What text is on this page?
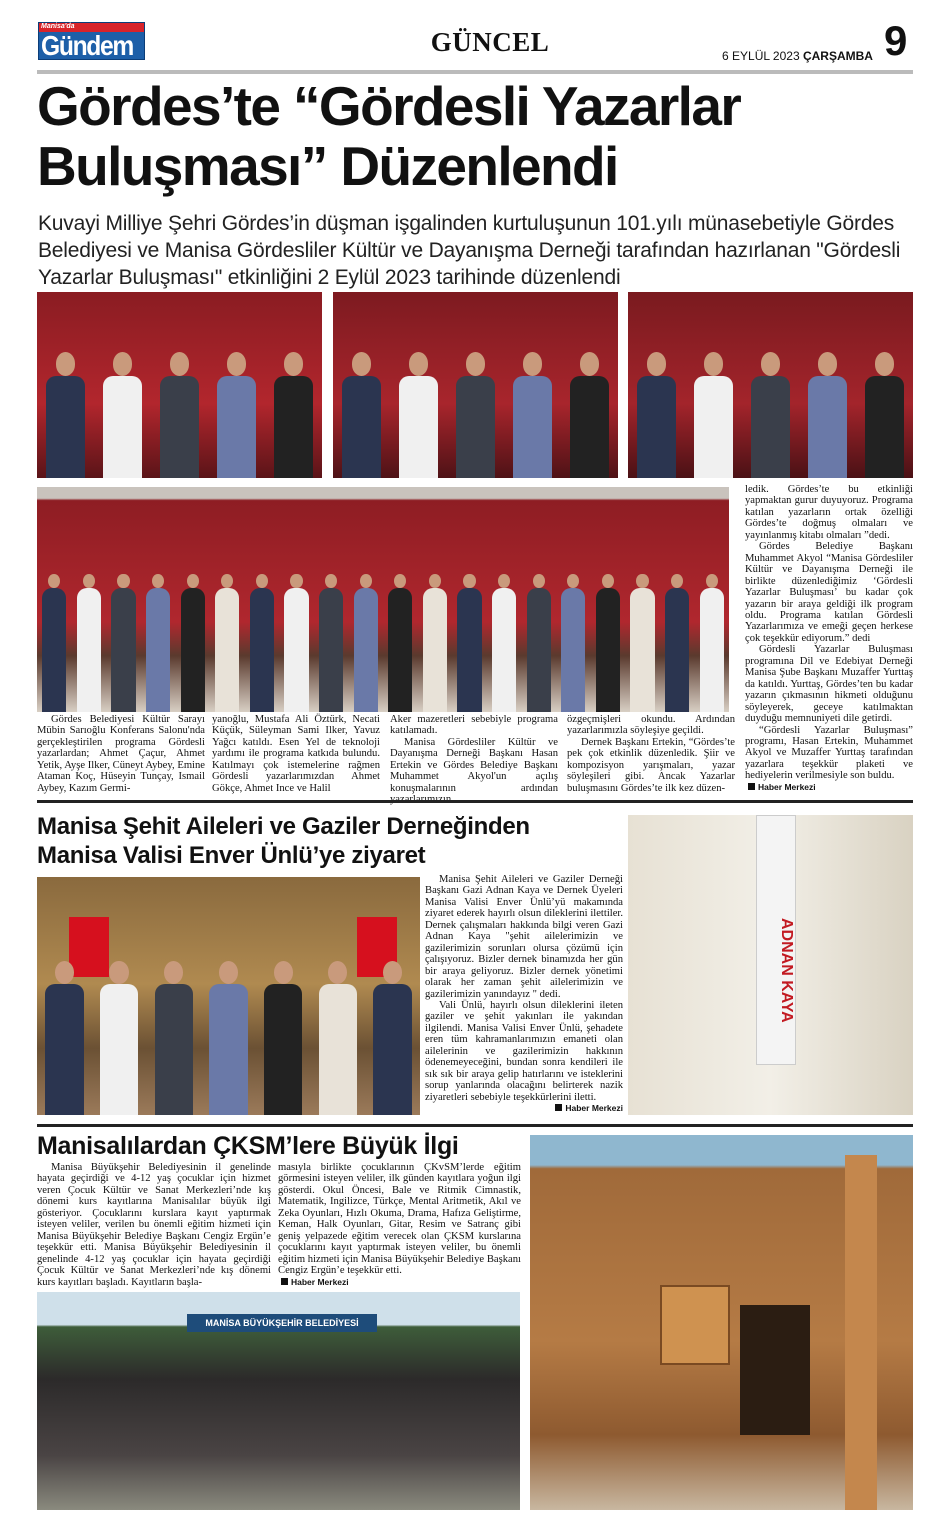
Manisa'da
Gündem	GÜNCEL	6 EYLÜL 2023 ÇARŞAMBA 9
Gördes’te “Gördesli Yazarlar
Buluşması” Düzenlendi
Kuvayi Milliye Şehri Gördes’in düşman işgalinden kurtuluşunun 101.yılı münasebetiyle Gördes Belediyesi ve Manisa Gördesliler Kültür ve Dayanışma Derneği tarafından hazırlanan "Gördesli Yazarlar Buluşması" etkinliğini 2 Eylül 2023 tarihinde düzenlendi

Gördes Belediyesi Kültür Sarayı Mübin Sarıoğlu Konferans Salonu'nda gerçekleştirilen programa Gördesli yazarlardan; Ahmet Çaçur, Ahmet Yetik, Ayşe Ilker, Cüneyt Aybey, Emine Ataman Koç, Hüseyin Tunçay, Ismail Aybey, Kazım Germi-

yanoğlu, Mustafa Ali Öztürk, Necati Küçük, Süleyman Sami Ilker, Yavuz Yağcı katıldı. Esen Yel de teknoloji yardımı ile programa katkıda bulundu. Katılmayı çok istemelerine rağmen Gördesli yazarlarımızdan Ahmet Gökçe, Ahmet Ince ve Halil

Aker mazeretleri sebebiyle programa katılamadı.

Manisa Gördesliler Kültür ve Dayanışma Derneği Başkanı Hasan Ertekin ve Gördes Belediye Başkanı Muhammet Akyol'un açılış konuşmalarının ardından

özgeçmişleri okundu. Ardından yazarlarımızla söyleşiye geçildi.

Dernek Başkanı Ertekin, “Gördes’te pek çok etkinlik düzenledik. Şiir ve kompozisyon yarışmaları, yazar söyleşileri gibi. Ancak Yazarlar buluşmasını Gördes’te ilk kez düzen-

ledik. Gördes’te bu etkinliği yapmaktan gurur duyuyoruz. Programa katılan yazarların ortak özelliği Gördes’te doğmuş olmaları ve yayınlanmış kitabı olmaları ”dedi.

Gördes Belediye Başkanı Muhammet Akyol “Manisa Gördesliler Kültür ve Dayanışma Derneği ile birlikte düzenlediğimiz ‘Gördesli Yazarlar Buluşması’ bu kadar çok yazarın bir araya geldiği ilk program oldu. Programa katılan Gördesli Yazarlarımıza ve emeği geçen herkese çok teşekkür ediyorum.” dedi

Gördesli Yazarlar Buluşması programına Dil ve Edebiyat Derneği Manisa Şube Başkanı Muzaffer Yurttaş da katıldı. Yurttaş, Gördes’ten bu kadar yazarın çıkmasının hikmeti olduğunu söyleyerek, geceye katılmaktan duyduğu memnuniyeti dile getirdi.

“Gördesli Yazarlar Buluşması” programı, Hasan Ertekin, Muhammet Akyol ve Muzaffer Yurttaş tarafından yazarlara teşekkür plaketi ve hediyelerin verilmesiyle son buldu.

Haber Merkezi

Manisa Şehit Aileleri ve Gaziler Derneğinden
Manisa Valisi Enver Ünlü’ye ziyaret

Manisa Şehit Aileleri ve Gaziler Derneği Başkanı Gazi Adnan Kaya ve Dernek Üyeleri Manisa Valisi Enver Ünlü’yü makamında ziyaret ederek hayırlı olsun dileklerini ilettiler. Dernek çalışmaları hakkında bilgi veren Gazi Adnan Kaya "şehit ailelerimizin ve gazilerimizin sorunları olursa çözümü için çalışıyoruz. Bizler dernek binamızda her gün bir araya geliyoruz. Bizler dernek yönetimi olarak her zaman şehit ailelerimizin ve gazilerimizin yanındayız " dedi.

Vali Ünlü, hayırlı olsun dileklerini ileten gaziler ve şehit yakınları ile yakından ilgilendi. Manisa Valisi Enver Ünlü, şehadete eren tüm kahramanlarımızın emaneti olan ailelerinin ve gazilerimizin hakkının ödenemeyeceğini, bundan sonra kendileri ile sık sık bir araya gelip hatırlarını ve isteklerini sorup yanlarında olacağını belirterek nazik ziyaretleri sebebiyle teşekkürlerini iletti.

Haber Merkezi

ADNAN KAYA
Manisalılardan ÇKSM’lere Büyük İlgi

Manisa Büyükşehir Belediyesinin il genelinde hayata geçirdiği ve 4-12 yaş çocuklar için hizmet veren Çocuk Kültür ve Sanat Merkezleri’nde kış dönemi kurs kayıtlarına Manisalılar büyük ilgi gösteriyor. Çocuklarını kurslara kayıt yaptırmak isteyen veliler, verilen bu önemli eğitim hizmeti için Manisa Büyükşehir Belediye Başkanı Cengiz Ergün’e teşekkür etti. Manisa Büyükşehir Belediyesinin il genelinde 4-12 yaş çocuklar için hayata geçirdiği Çocuk Kültür ve Sanat Merkezleri’nde kış dönemi kurs kayıtları başladı. Kayıtların başla-

masıyla birlikte çocuklarının ÇKvSM’lerde eğitim görmesini isteyen veliler, ilk günden kayıtlara yoğun ilgi gösterdi. Okul Öncesi, Bale ve Ritmik Cimnastik, Matematik, Ingilizce, Türkçe, Mental Aritmetik, Akıl ve Zeka Oyunları, Hızlı Okuma, Drama, Hafıza Geliştirme, Keman, Halk Oyunları, Gitar, Resim ve Satranç gibi geniş yelpazede eğitim verecek olan ÇKSM kurslarına çocuklarını kayıt yaptırmak isteyen veliler, bu önemli eğitim hizmeti için Manisa Büyükşehir Belediye Başkanı Cengiz Ergün’e teşekkür etti.

Haber Merkezi

MANİSA BÜYÜKŞEHİR BELEDİYESİ
